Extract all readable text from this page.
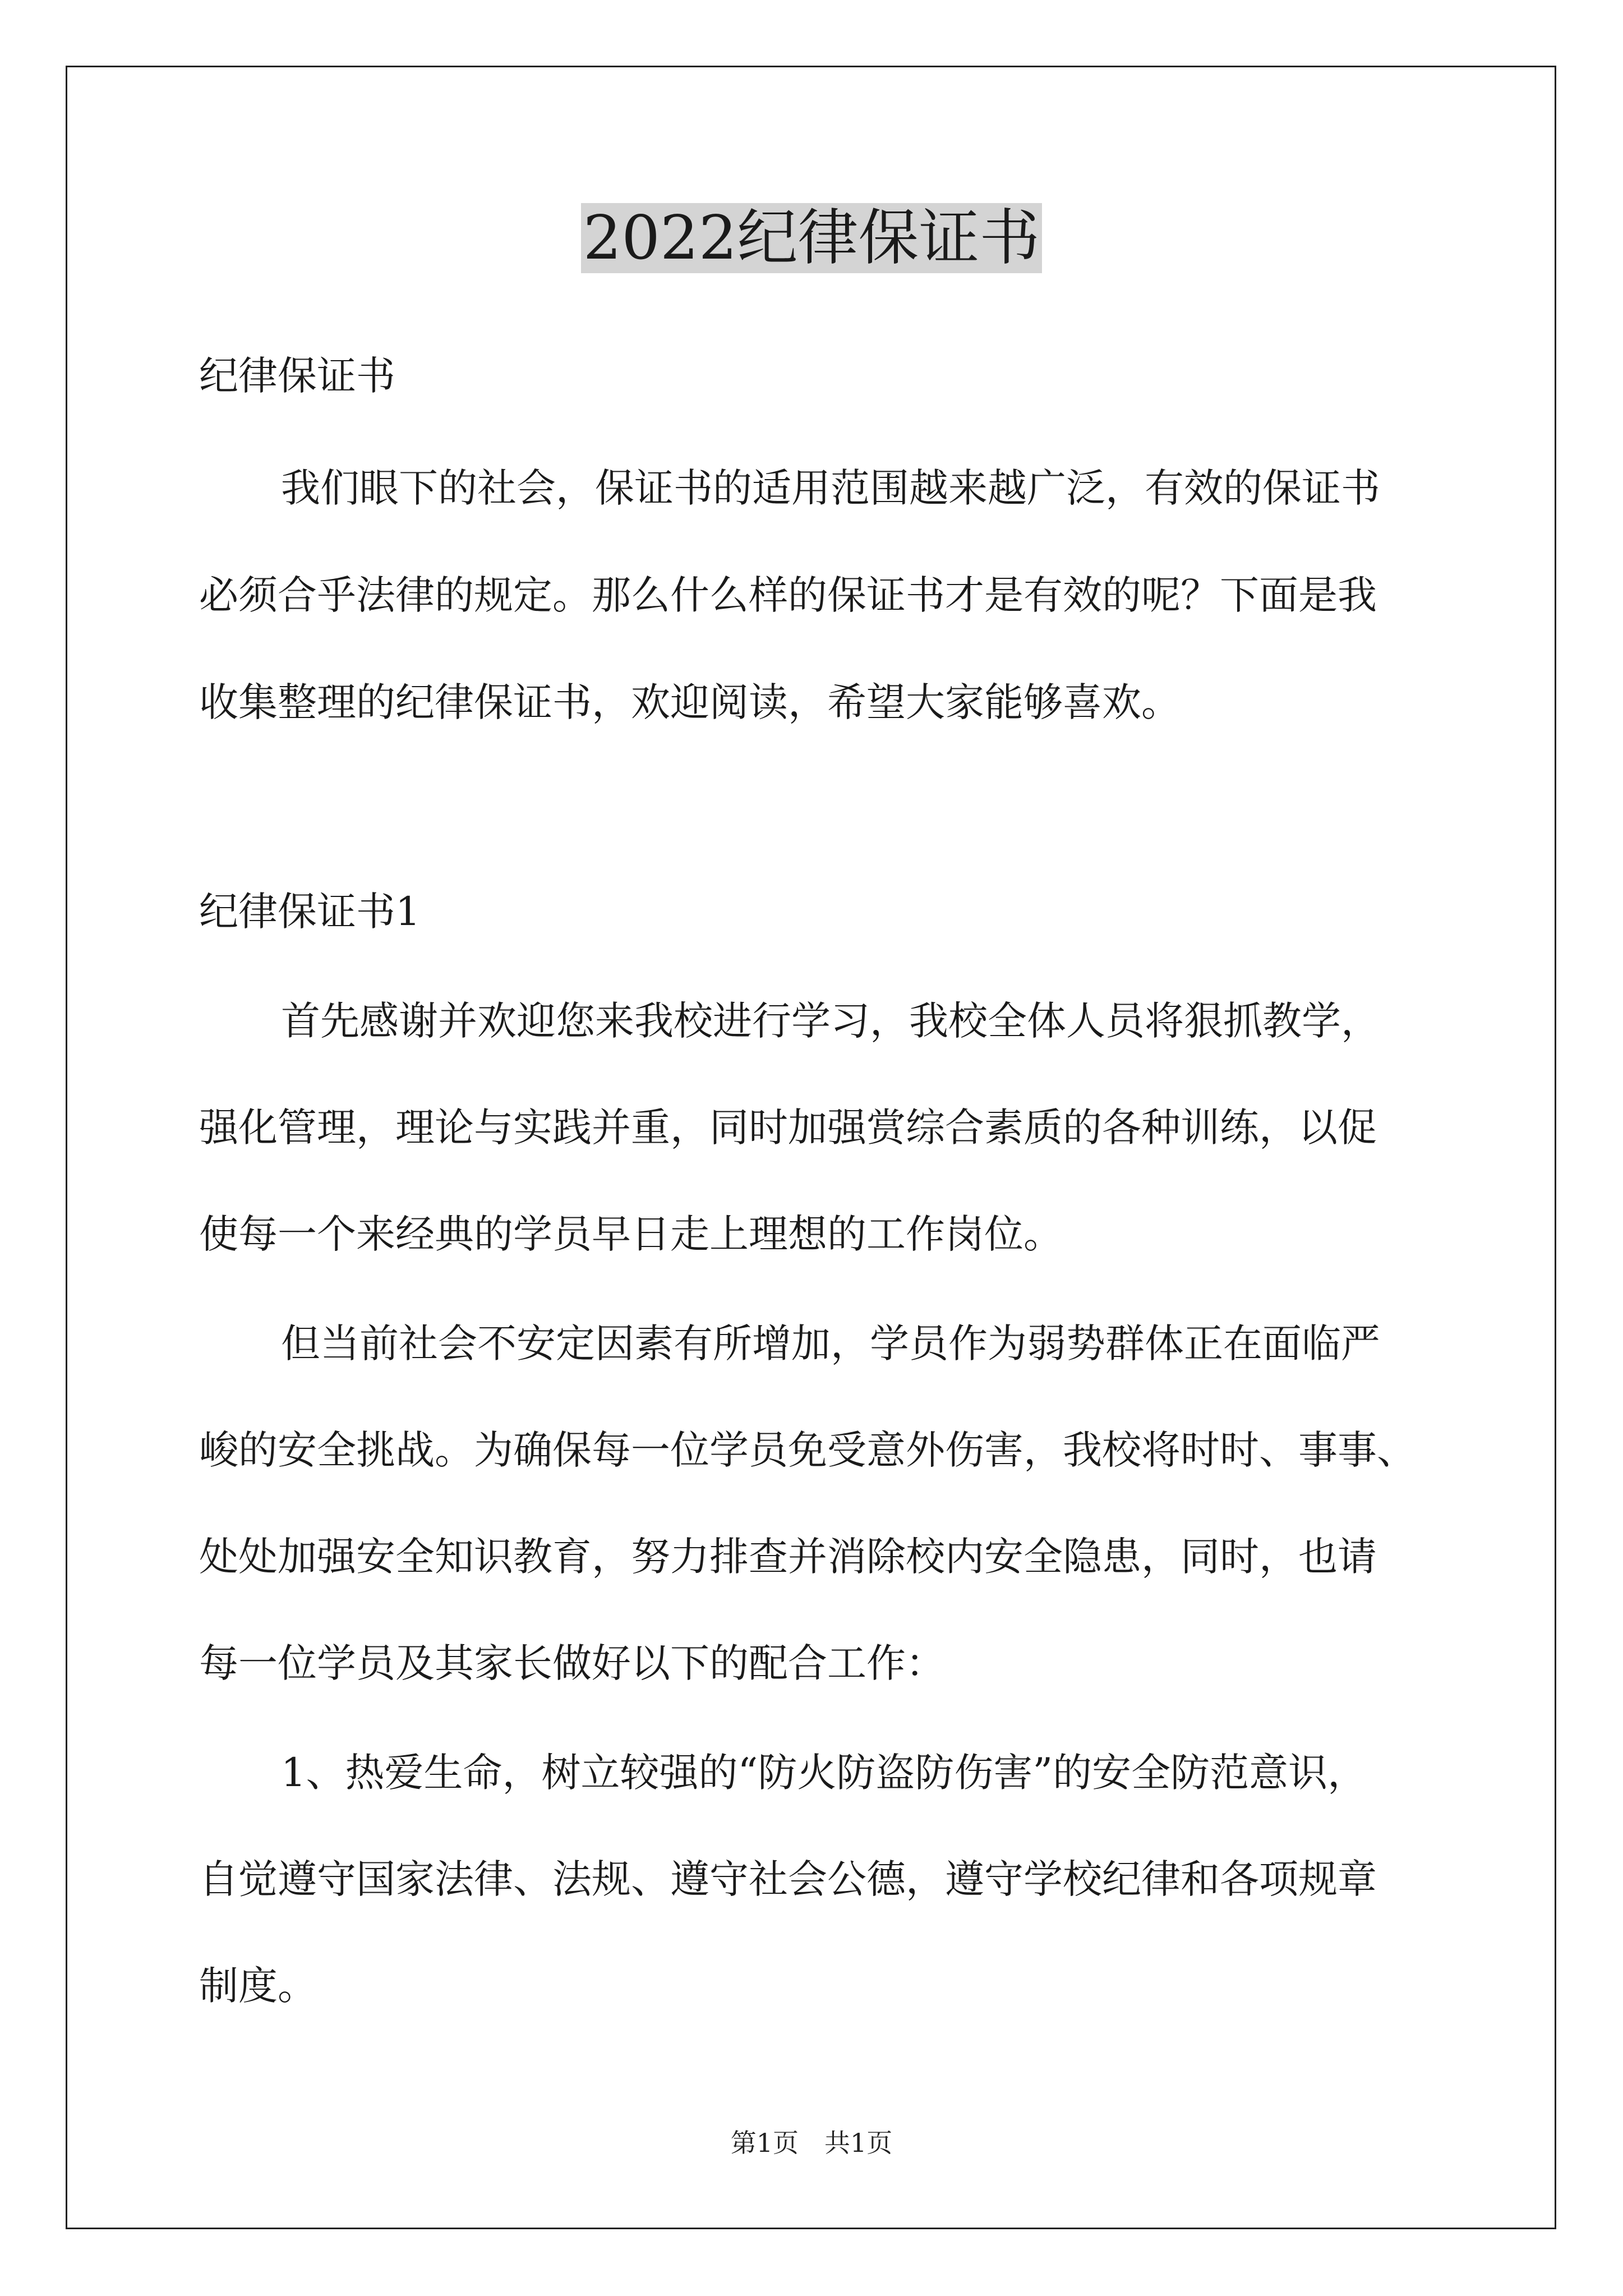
2022纪律保证书
纪律保证书
我们眼下的社会，保证书的适用范围越来越广泛，有效的保证书
必须合乎法律的规定。那么什么样的保证书才是有效的呢？下面是我
收集整理的纪律保证书，欢迎阅读，希望大家能够喜欢。
纪律保证书1
首先感谢并欢迎您来我校进行学习，我校全体人员将狠抓教学，
强化管理，理论与实践并重，同时加强赏综合素质的各种训练，以促
使每一个来经典的学员早日走上理想的工作岗位。
但当前社会不安定因素有所增加，学员作为弱势群体正在面临严
峻的安全挑战。为确保每一位学员免受意外伤害，我校将时时、事事、
处处加强安全知识教育，努力排查并消除校内安全隐患，同时，也请
每一位学员及其家长做好以下的配合工作：
1、热爱生命，树立较强的“防火防盗防伤害”的安全防范意识，
自觉遵守国家法律、法规、遵守社会公德，遵守学校纪律和各项规章
制度。
第1页　共1页
